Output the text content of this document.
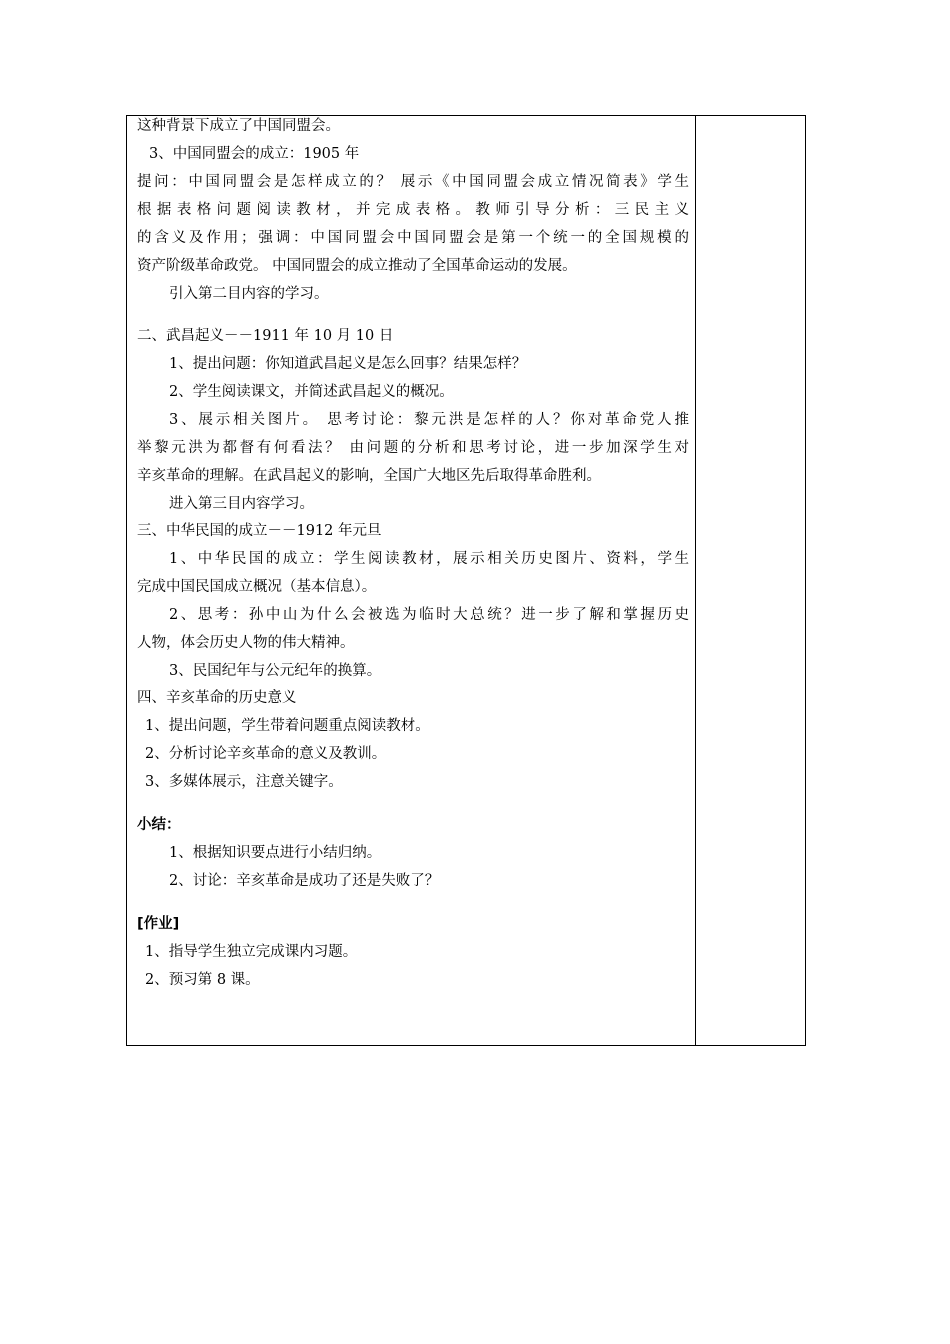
这种背景下成立了中国同盟会。
3、中国同盟会的成立：1905 年
提问：中国同盟会是怎样成立的？ 展示《中国同盟会成立情况简表》学生
根据表格问题阅读教材，并完成表格。教师引导分析：三民主义
的含义及作用；强调：中国同盟会中国同盟会是第一个统一的全国规模的
资产阶级革命政党。 中国同盟会的成立推动了全国革命运动的发展。
引入第二目内容的学习。
二、武昌起义－－1911 年 10 月 10 日
1、提出问题：你知道武昌起义是怎么回事？结果怎样？
2、学生阅读课文，并简述武昌起义的概况。
3、展示相关图片。 思考讨论：黎元洪是怎样的人？你对革命党人推
举黎元洪为都督有何看法？ 由问题的分析和思考讨论，进一步加深学生对
辛亥革命的理解。在武昌起义的影响，全国广大地区先后取得革命胜利。
进入第三目内容学习。
三、中华民国的成立－－1912 年元旦
1、中华民国的成立：学生阅读教材，展示相关历史图片、资料，学生
完成中国民国成立概况（基本信息）。
2、思考：孙中山为什么会被选为临时大总统？进一步了解和掌握历史
人物，体会历史人物的伟大精神。
3、民国纪年与公元纪年的换算。
四、辛亥革命的历史意义
1、提出问题，学生带着问题重点阅读教材。
2、分析讨论辛亥革命的意义及教训。
3、多媒体展示，注意关键字。
小结：
1、根据知识要点进行小结归纳。
2、讨论：辛亥革命是成功了还是失败了？
[作业]
1、指导学生独立完成课内习题。
2、预习第 8 课。
